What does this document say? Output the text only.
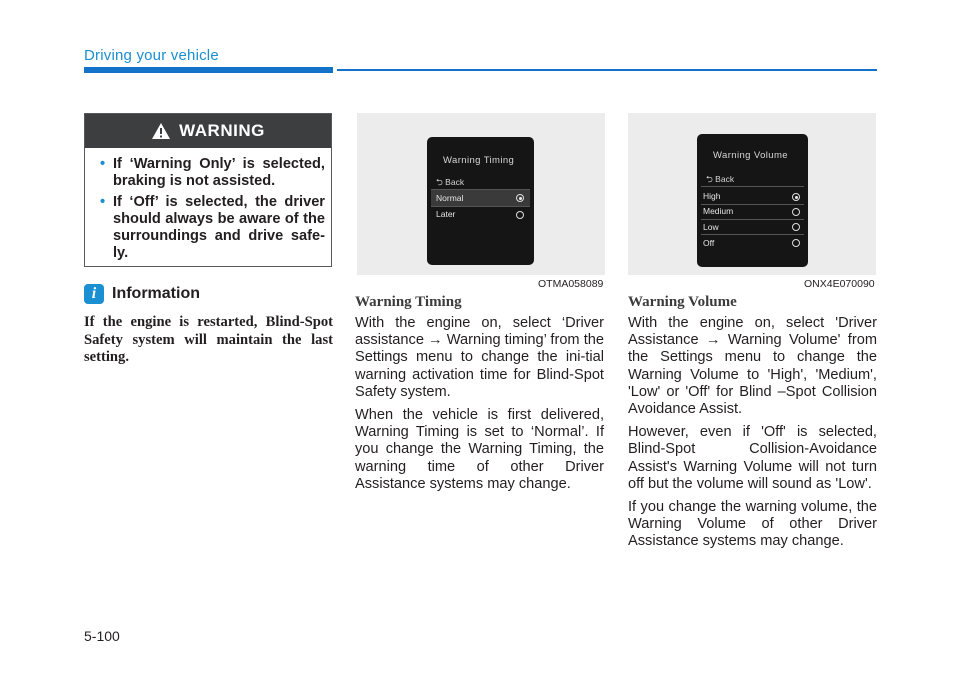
Driving your vehicle
WARNING
• If ‘Warning Only’ is selected, braking is not assisted.
• If ‘Off’ is selected, the driver should always be aware of the surroundings and drive safe-ly.
i Information
If the engine is restarted, Blind-Spot Safety system will maintain the last setting.
Warning Timing
⮌ Back
Normal
Later
OTMA058089
Warning Volume
⮌ Back
High
Medium
Low
Off
ONX4E070090
Warning Timing

With the engine on, select ‘Driver assistance → Warning timing’ from the Settings menu to change the ini-tial warning activation time for Blind-Spot Safety system.

When the vehicle is first delivered, Warning Timing is set to ‘Normal’. If you change the Warning Timing, the warning time of other Driver Assistance systems may change.

Warning Volume

With the engine on, select 'Driver Assistance → Warning Volume' from the Settings menu to change the Warning Volume to 'High', 'Medium', 'Low' or 'Off' for Blind –Spot Collision Avoidance Assist.

However, even if 'Off' is selected, Blind-Spot Collision-Avoidance Assist's Warning Volume will not turn off but the volume will sound as 'Low'.

If you change the warning volume, the Warning Volume of other Driver Assistance systems may change.

5-100
